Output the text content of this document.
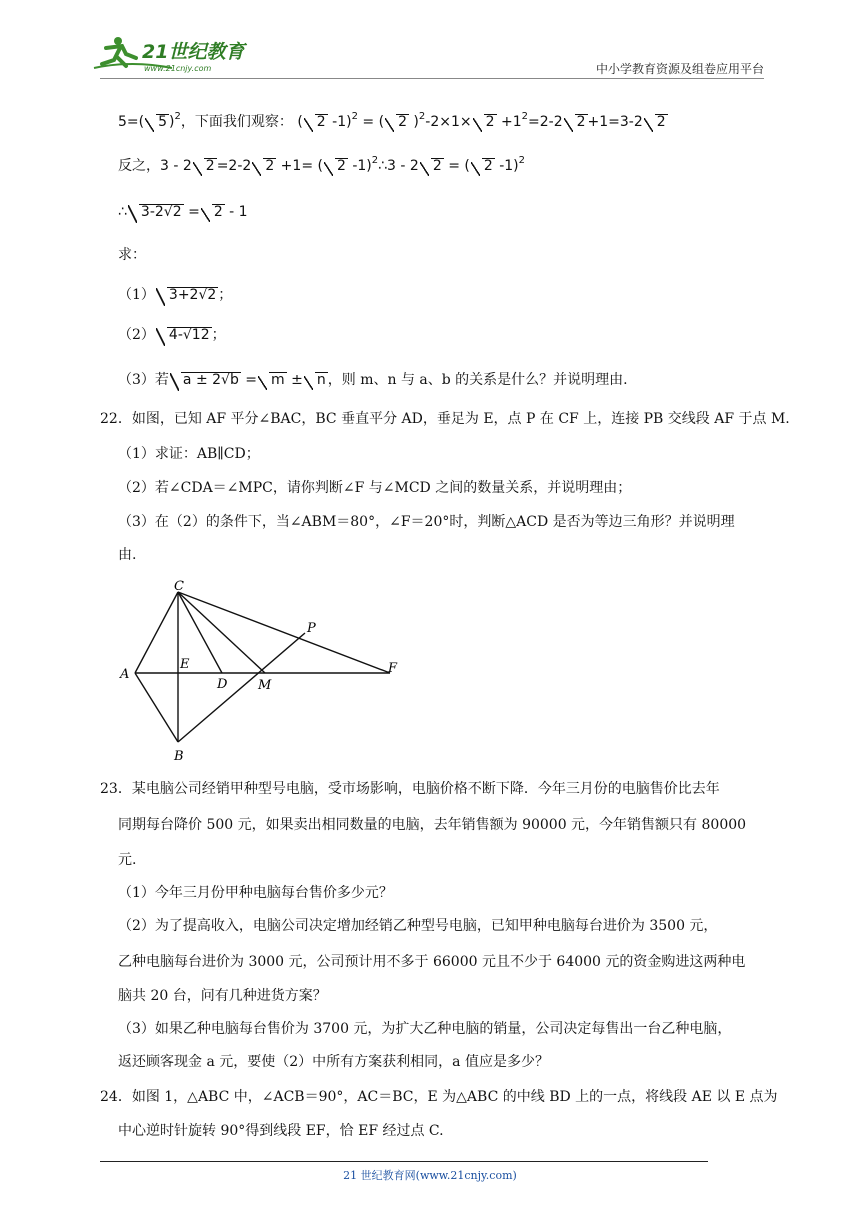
21世纪教育
www.21cnjy.com	中小学教育资源及组卷应用平台
5=( 5 )$^2$，下面我们观察： ( 2 -1)$^2$ = ( 2 )$^2-2\times 1\times 2 +1^2=2-2$ 2 +1=3-2 2
反之，3 - 2 2 =2-2 2 +1= ( 2 -1)$^2$∴3 - 2 2 = ( 2 -1)$^2$
∴ 3-2√2 = 2 - 1
求：
（1） 3+2√2 ；
（2） 4-√12 ；
（3）若 a ± 2√b = m ± n ，则 m、n 与 a、b 的关系是什么？并说明理由.
22．如图，已知 AF 平分∠BAC，BC 垂直平分 AD，垂足为 E，点 P 在 CF 上，连接 PB 交线段 AF 于点 M.
（1）求证：AB∥CD；
（2）若∠CDA＝∠MPC，请你判断∠F 与∠MCD 之间的数量关系，并说明理由；
（3）在（2）的条件下，当∠ABM＝80°，∠F＝20°时，判断△ACD 是否为等边三角形？并说明理
由.
C
P
A
E
D M
F
B
23．某电脑公司经销甲种型号电脑，受市场影响，电脑价格不断下降．今年三月份的电脑售价比去年
同期每台降价 500 元，如果卖出相同数量的电脑，去年销售额为 90000 元，今年销售额只有 80000
元.
（1）今年三月份甲种电脑每台售价多少元？
（2）为了提高收入，电脑公司决定增加经销乙种型号电脑，已知甲种电脑每台进价为 3500 元，
乙种电脑每台进价为 3000 元，公司预计用不多于 66000 元且不少于 64000 元的资金购进这两种电
脑共 20 台，问有几种进货方案？
（3）如果乙种电脑每台售价为 3700 元，为扩大乙种电脑的销量，公司决定每售出一台乙种电脑，
返还顾客现金 a 元，要使（2）中所有方案获利相同，a 值应是多少？
24．如图 1，△ABC 中，∠ACB＝90°，AC＝BC，E 为△ABC 的中线 BD 上的一点，将线段 AE 以 E 点为
中心逆时针旋转 90°得到线段 EF，恰 EF 经过点 C.
21 世纪教育网(www.21cnjy.com)
